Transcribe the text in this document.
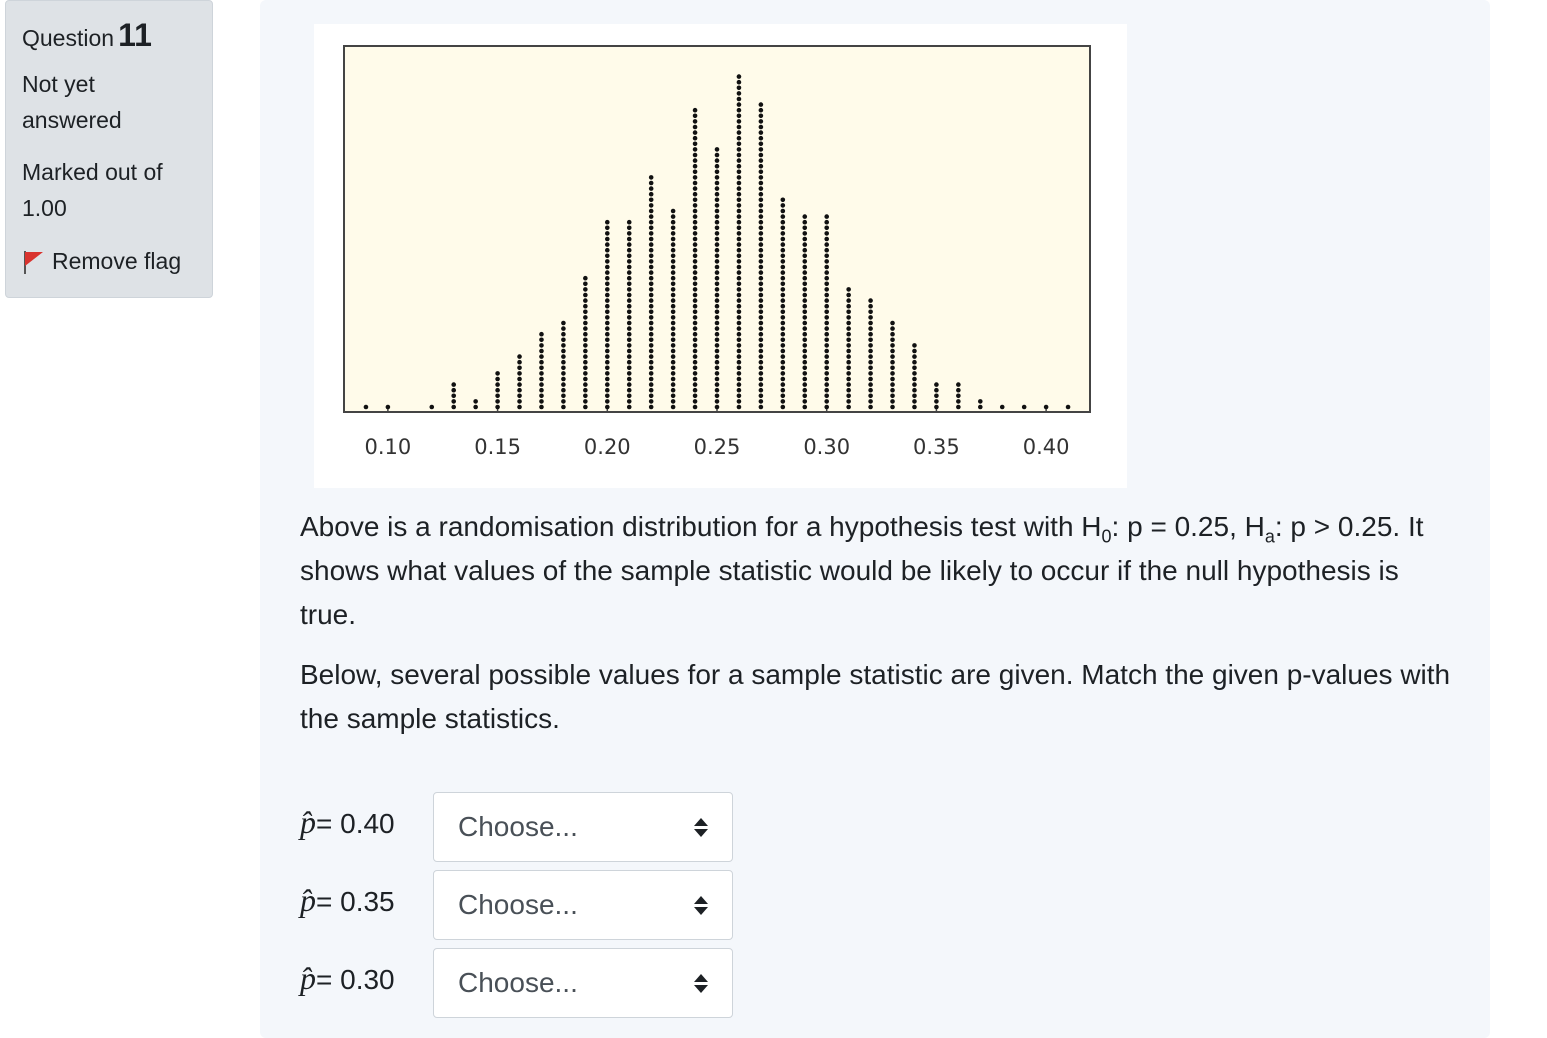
Question 11
Not yet answered
Marked out of 1.00
Remove flag
0.10	0.15	0.20	0.25	0.30	0.35	0.40

Above is a randomisation distribution for a hypothesis test with $H_0$: p = 0.25, $H_a$: p > 0.25. It shows what values of the sample statistic would be likely to occur if the null hypothesis is true.

Below, several possible values for a sample statistic are given. Match the given p-values with the sample statistics.

p̂= 0.40	Choose...
p̂= 0.35	Choose...
p̂= 0.30	Choose...
